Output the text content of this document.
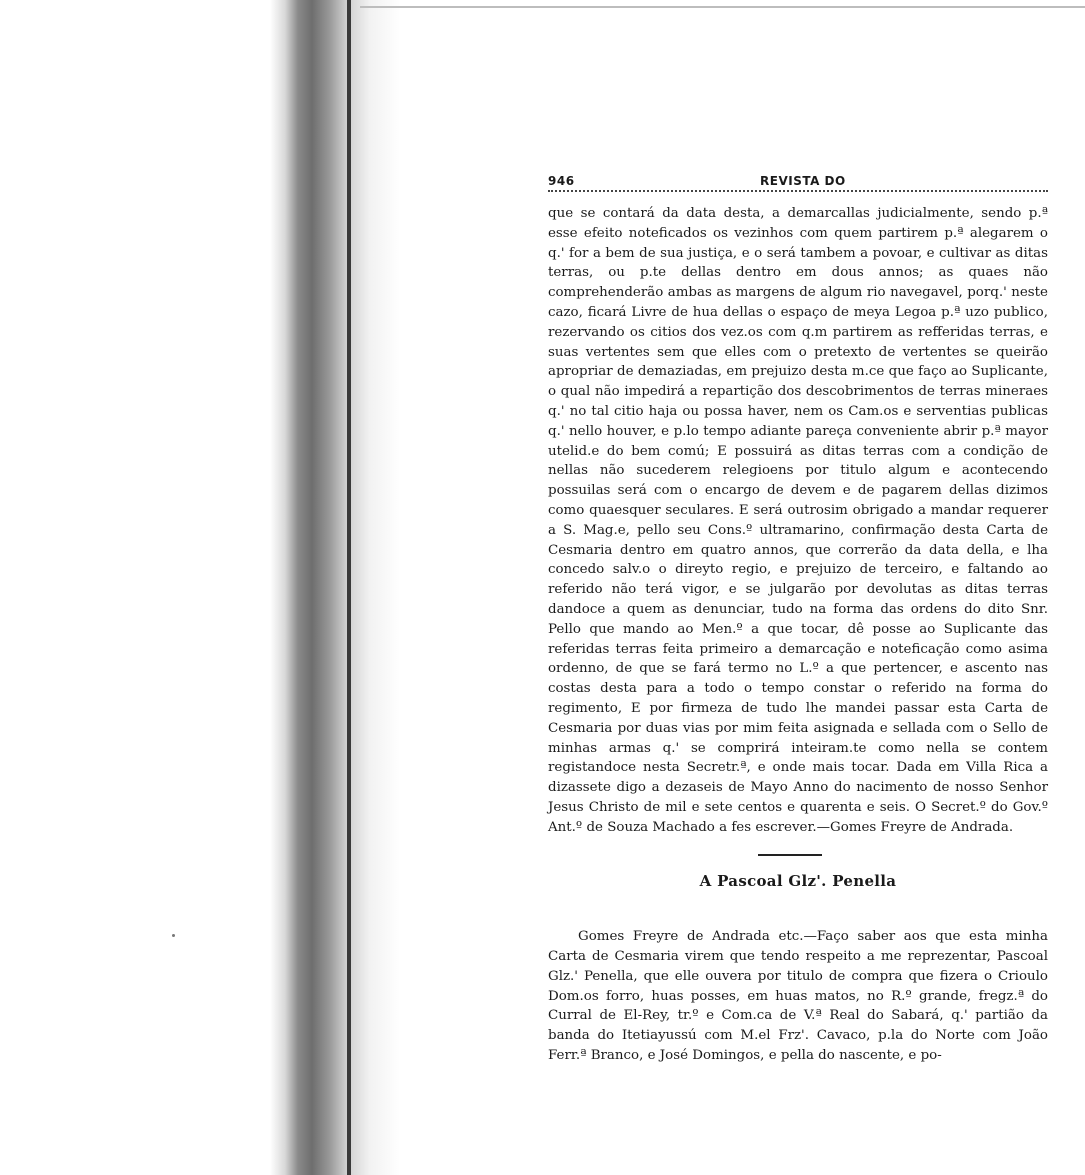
946	REVISTA DO

que se contará da data desta, a demarcallas judicialmente, sendo p.ª esse efeito noteficados os vezinhos com quem partirem p.ª alegarem o q.' for a bem de sua justiça, e o será tambem a povoar, e cultivar as ditas terras, ou p.te dellas dentro em dous annos; as quaes não comprehenderão ambas as margens de algum rio navegavel, porq.' neste cazo, ficará Livre de hua dellas o espaço de meya Legoa p.ª uzo publico, rezervando os citios dos vez.os com q.m partirem as refferidas terras, e suas vertentes sem que elles com o pretexto de vertentes se queirão apropriar de demaziadas, em prejuizo desta m.ce que faço ao Suplicante, o qual não impedirá a repartição dos descobrimentos de terras mineraes q.' no tal citio haja ou possa haver, nem os Cam.os e serventias publicas q.' nello houver, e p.lo tempo adiante pareça conveniente abrir p.ª mayor utelid.e do bem comú; E possuirá as ditas terras com a condição de nellas não sucederem relegioens por titulo algum e acontecendo possuilas será com o encargo de devem e de pagarem dellas dizimos como quaesquer seculares. E será outrosim obrigado a mandar requerer a S. Mag.e, pello seu Cons.º ultramarino, confirmação desta Carta de Cesmaria dentro em quatro annos, que correrão da data della, e lha concedo salv.o o direyto regio, e prejuizo de terceiro, e faltando ao referido não terá vigor, e se julgarão por devolutas as ditas terras dandoce a quem as denunciar, tudo na forma das ordens do dito Snr. Pello que mando ao Men.º a que tocar, dê posse ao Suplicante das referidas terras feita primeiro a demarcação e noteficação como asima ordenno, de que se fará termo no L.º a que pertencer, e ascento nas costas desta para a todo o tempo constar o referido na forma do regimento, E por firmeza de tudo lhe mandei passar esta Carta de Cesmaria por duas vias por mim feita asignada e sellada com o Sello de minhas armas q.' se comprirá inteiram.te como nella se contem registandoce nesta Secretr.ª, e onde mais tocar. Dada em Villa Rica a dizassete digo a dezaseis de Mayo Anno do nacimento de nosso Senhor Jesus Christo de mil e sete centos e quarenta e seis. O Secret.º do Gov.º Ant.º de Souza Machado a fes escrever.—Gomes Freyre de Andrada.

A Pascoal Glz'. Penella

Gomes Freyre de Andrada etc.—Faço saber aos que esta minha Carta de Cesmaria virem que tendo respeito a me reprezentar, Pascoal Glz.' Penella, que elle ouvera por titulo de compra que fizera o Crioulo Dom.os forro, huas posses, em huas matos, no R.º grande, fregz.ª do Curral de El-Rey, tr.º e Com.ca de V.ª Real do Sabará, q.' partião da banda do Itetiayussú com M.el Frz'. Cavaco, p.la do Norte com João Ferr.ª Branco, e José Domingos, e pella do nascente, e po-
